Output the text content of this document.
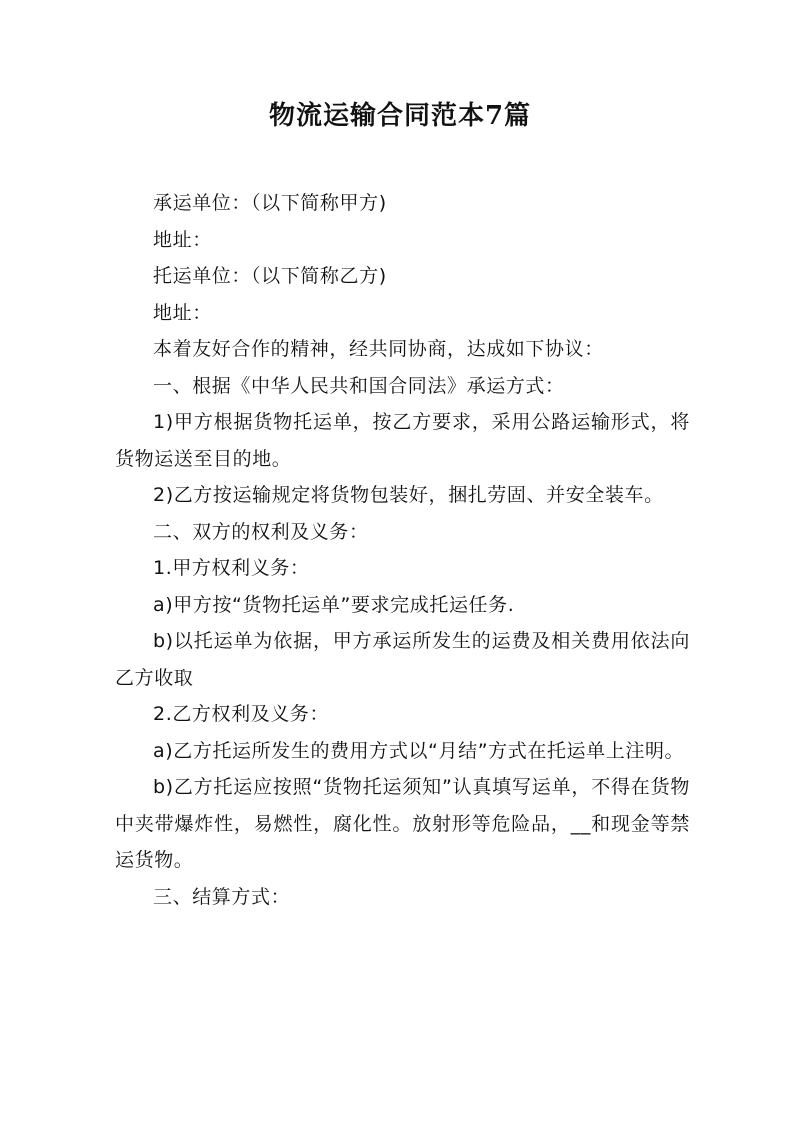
物流运输合同范本7篇

承运单位：（以下简称甲方)

地址：

托运单位：（以下简称乙方)

地址：

本着友好合作的精神，经共同协商，达成如下协议：

一、根据《中华人民共和国合同法》承运方式：

1)甲方根据货物托运单，按乙方要求，采用公路运输形式，将货物运送至目的地。

2)乙方按运输规定将货物包装好，捆扎劳固、并安全装车。

二、双方的权利及义务：

1.甲方权利义务：

a)甲方按“货物托运单”要求完成托运任务.

b)以托运单为依据，甲方承运所发生的运费及相关费用依法向乙方收取

2.乙方权利及义务：

a)乙方托运所发生的费用方式以“月结”方式在托运单上注明。

b)乙方托运应按照“货物托运须知”认真填写运单，不得在货物中夹带爆炸性，易燃性，腐化性。放射形等危险品，__和现金等禁运货物。

三、结算方式：
